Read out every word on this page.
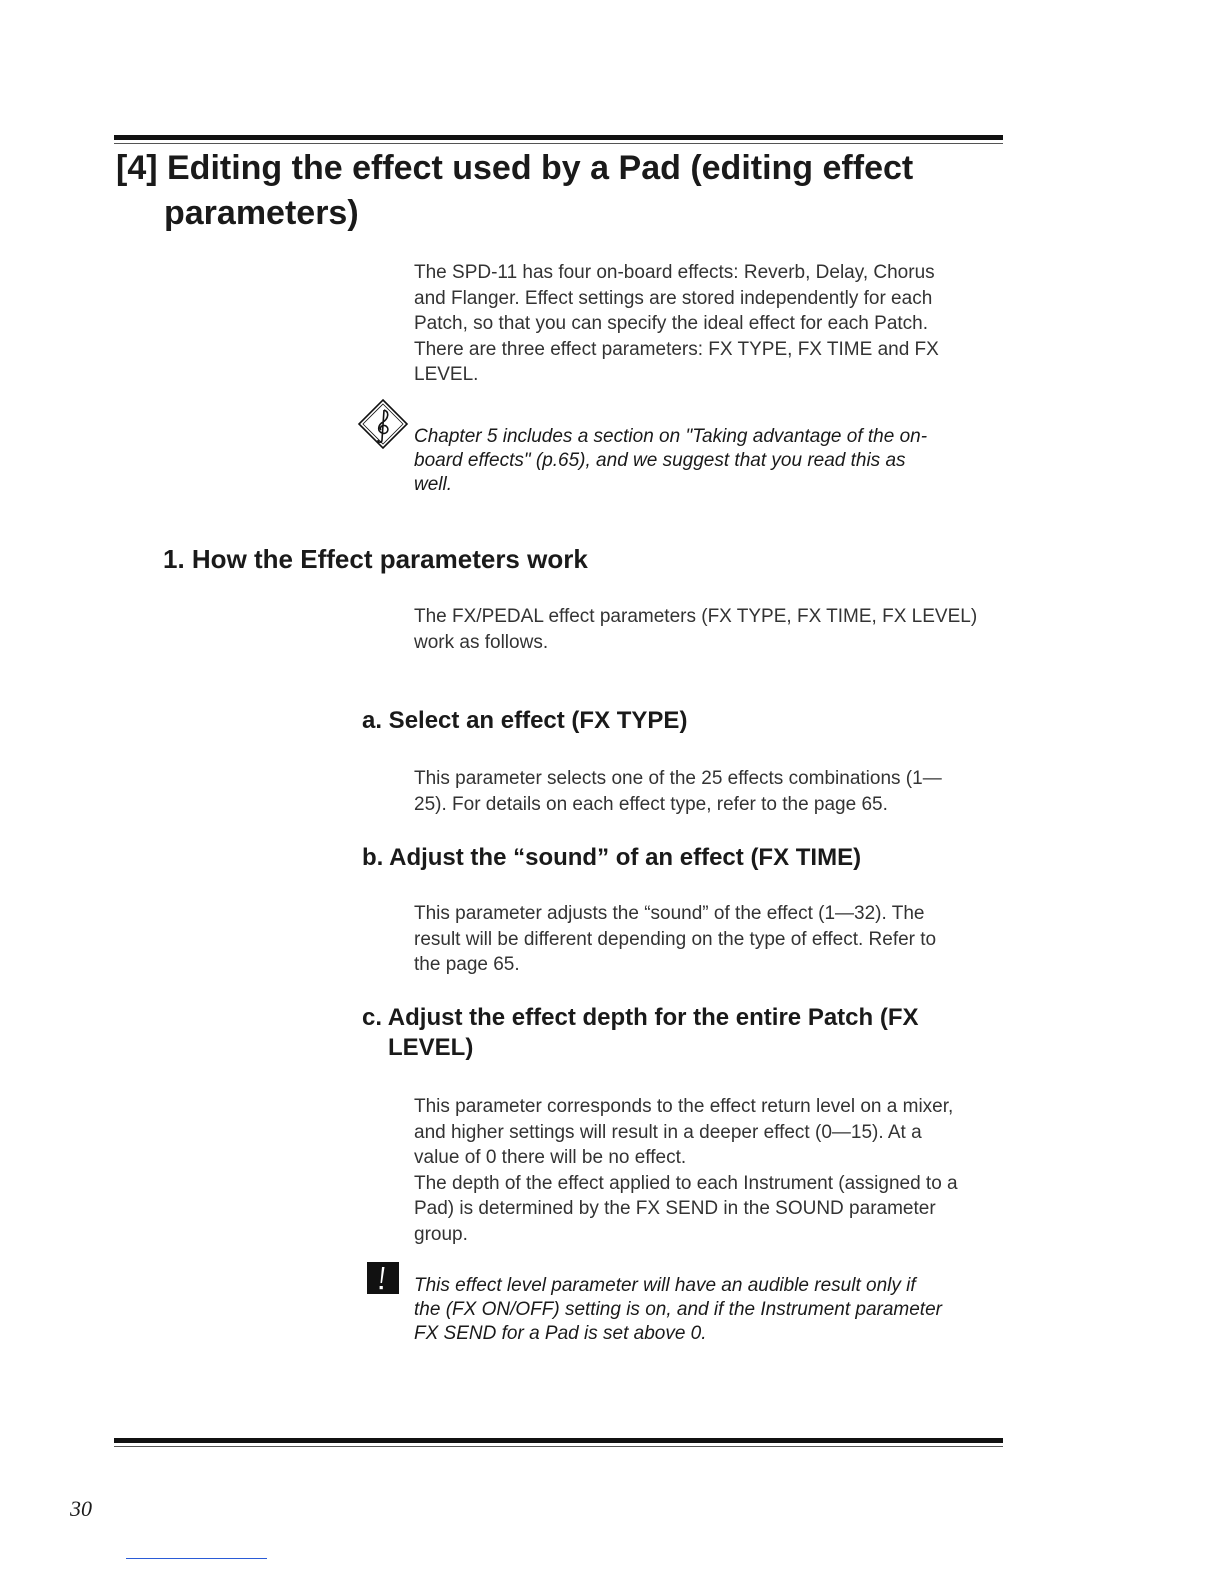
[4] Editing the effect used by a Pad (editing effect
parameters)
The SPD-11 has four on-board effects: Reverb, Delay, Chorus
and Flanger. Effect settings are stored independently for each
Patch, so that you can specify the ideal effect for each Patch.
There are three effect parameters: FX TYPE, FX TIME and FX
LEVEL.
Chapter 5 includes a section on "Taking advantage of the on-
board effects" (p.65), and we suggest that you read this as
well.
1. How the Effect parameters work
The FX/PEDAL effect parameters (FX TYPE, FX TIME, FX LEVEL)
work as follows.
a. Select an effect (FX TYPE)
This parameter selects one of the 25 effects combinations (1—
25). For details on each effect type, refer to the page 65.
b. Adjust the “sound” of an effect (FX TIME)
This parameter adjusts the “sound” of the effect (1—32). The
result will be different depending on the type of effect. Refer to
the page 65.
c. Adjust the effect depth for the entire Patch (FX
LEVEL)
This parameter corresponds to the effect return level on a mixer,
and higher settings will result in a deeper effect (0—15). At a
value of 0 there will be no effect.
The depth of the effect applied to each Instrument (assigned to a
Pad) is determined by the FX SEND in the SOUND parameter
group.
This effect level parameter will have an audible result only if
the (FX ON/OFF) setting is on, and if the Instrument parameter
FX SEND for a Pad is set above 0.
30
